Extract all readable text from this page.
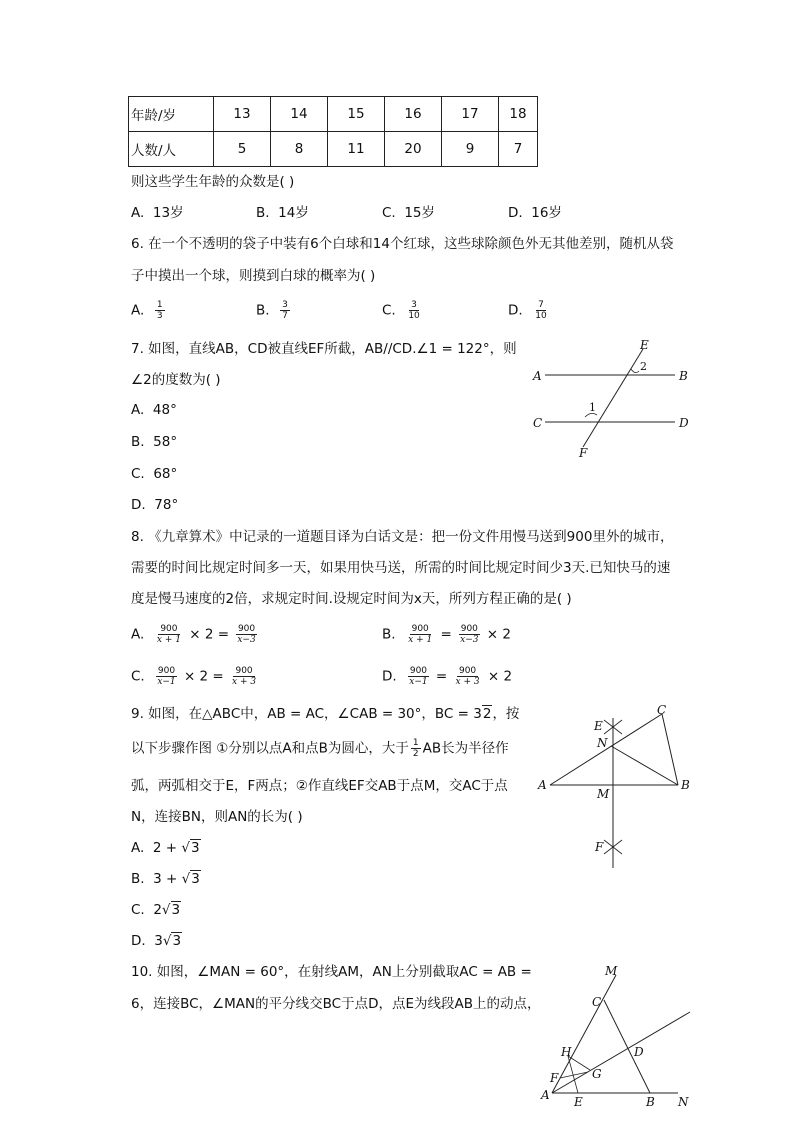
年龄/岁	13	14	15	16	17	18
人数/人	5	8	11	20	9	7
则这些学生年龄的众数是( )
A. 13岁	B. 14岁	C. 15岁	D. 16岁
6. 在一个不透明的袋子中装有6个白球和14个红球，这些球除颜色外无其他差别，随机从袋
子中摸出一个球，则摸到白球的概率为( )
A. $\frac{1}{3}$	B. $\frac{3}{7}$	C. $\frac{3}{10}$	D. $\frac{7}{10}$
7. 如图，直线AB，CD被直线EF所截，AB//CD.∠1 = 122°，则
∠2的度数为( )
A. 48°
B. 58°
C. 68°
D. 78°
A	B
C	D
E
F
1
2
8. 《九章算术》中记录的一道题目译为白话文是：把一份文件用慢马送到900里外的城市，
需要的时间比规定时间多一天，如果用快马送，所需的时间比规定时间少3天.已知快马的速
度是慢马速度的2倍，求规定时间.设规定时间为x天，所列方程正确的是( )
A. $\frac{900}{x + 1} \times 2 = \frac{900}{x-3}$	B. $\frac{900}{x + 1} = \frac{900}{x-3} \times 2$
C. $\frac{900}{x-1} \times 2 = \frac{900}{x + 3}$	D. $\frac{900}{x-1} = \frac{900}{x + 3} \times 2$
9. 如图，在△ABC中，AB = AC，∠CAB = 30°，BC = 32，按
以下步骤作图 ①分别以点A和点B为圆心，大于 $\frac{1}{2}$ AB长为半径作
弧，两弧相交于E，F两点；②作直线EF交AB于点M，交AC于点
N，连接BN，则AN的长为( )
A. 2 + √3
B. 3 + √3
C. 2√3
D. 3√3
A	B
C
E
N
M
F
10. 如图，∠MAN = 60°，在射线AM，AN上分别截取AC = AB =
6，连接BC，∠MAN的平分线交BC于点D，点E为线段AB上的动点，
M
C
H	D
F	G
A E	B N
